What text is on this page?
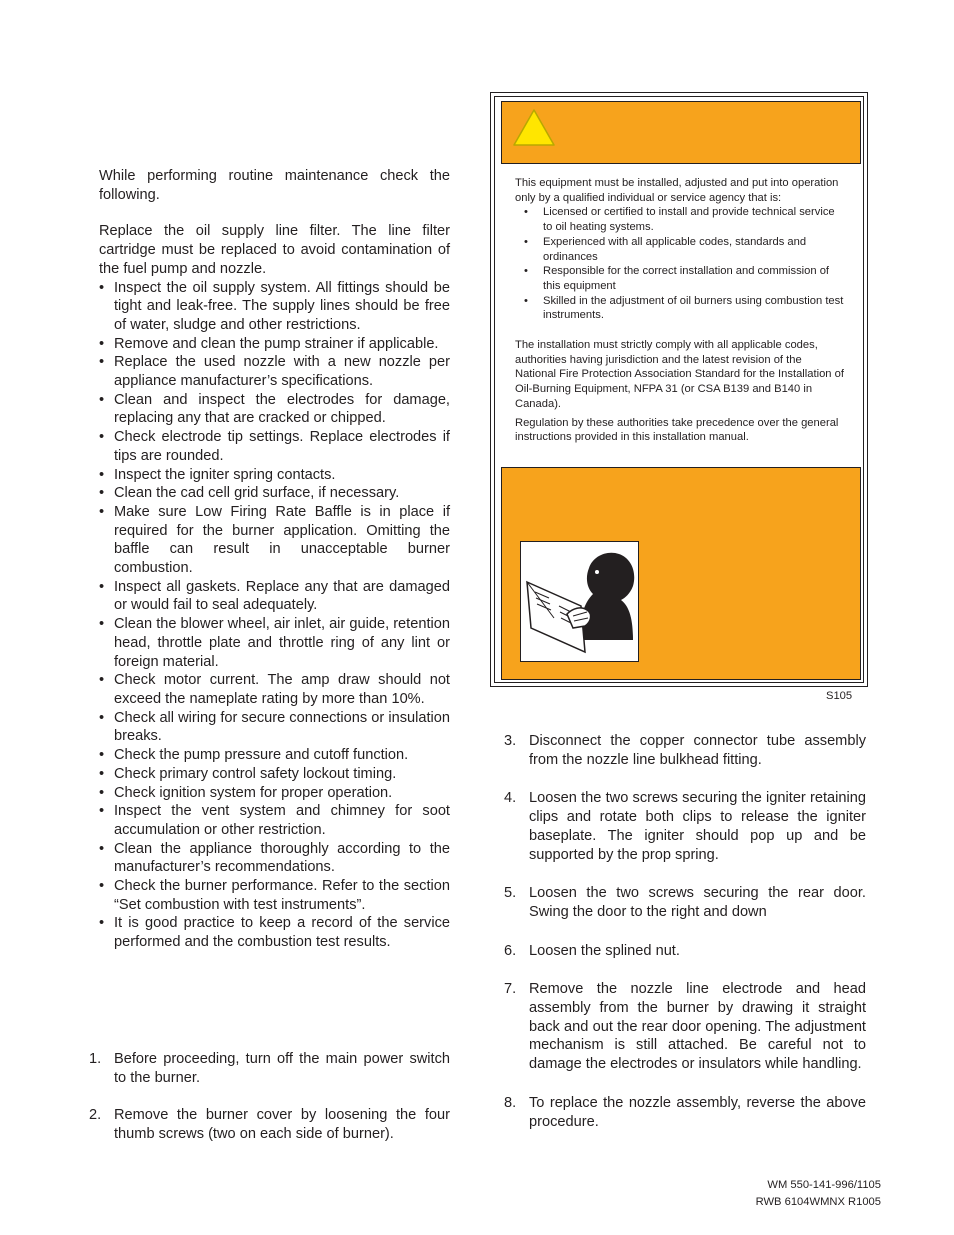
While performing routine maintenance check the following.

Replace the oil supply line filter. The line filter cartridge must be replaced to avoid contamination of the fuel pump and nozzle.

• Inspect the oil supply system. All fittings should be tight and leak-free. The supply lines should be free of water, sludge and other restrictions.
• Remove and clean the pump strainer if applicable.
• Replace the used nozzle with a new nozzle per appliance manufacturer’s specifications.
• Clean and inspect the electrodes for damage, replacing any that are cracked or chipped.
• Check electrode tip settings. Replace electrodes if tips are rounded.
• Inspect the igniter spring contacts.
• Clean the cad cell grid surface, if necessary.
• Make sure Low Firing Rate Baffle is in place if required for the burner application. Omitting the baffle can result in unacceptable burner combustion.
• Inspect all gaskets. Replace any that are damaged or would fail to seal adequately.
• Clean the blower wheel, air inlet, air guide, retention head, throttle plate and throttle ring of any lint or foreign material.
• Check motor current. The amp draw should not exceed the nameplate rating by more than 10%.
• Check all wiring for secure connections or insulation breaks.
• Check the pump pressure and cutoff function.
• Check primary control safety lockout timing.
• Check ignition system for proper operation.
• Inspect the vent system and chimney for soot accumulation or other restriction.
• Clean the appliance thoroughly according to the manufacturer’s recommendations.
• Check the burner performance. Refer to the section “Set combustion with test instruments”.
• It is good practice to keep a record of the service performed and the combustion test results.
1. Before proceeding, turn off the main power switch to the burner.
2. Remove the burner cover by loosening the four thumb screws (two on each side of burner).

This equipment must be installed, adjusted and put into operation only by a qualified individual or service agency that is:

• Licensed or certified to install and provide technical service to oil heating systems.
• Experienced with all applicable codes, standards and ordinances
• Responsible for the correct installation and commission of this equipment
• Skilled in the adjustment of oil burners using combustion test instruments.

The installation must strictly comply with all applicable codes, authorities having jurisdiction and the latest revision of the National Fire Protection Association Standard for the Installation of Oil-Burning Equipment, NFPA 31 (or CSA B139 and B140 in Canada).

Regulation by these authorities take precedence over the general instructions provided in this installation manual.

S105
3. Disconnect the copper connector tube assembly from the nozzle line bulkhead fitting.
4. Loosen the two screws securing the igniter retaining clips and rotate both clips to release the igniter baseplate. The igniter should pop up and be supported by the prop spring.
5. Loosen the two screws securing the rear door. Swing the door to the right and down
6. Loosen the splined nut.
7. Remove the nozzle line electrode and head assembly from the burner by drawing it straight back and out the rear door opening. The adjustment mechanism is still attached. Be careful not to damage the electrodes or insulators while handling.
8. To replace the nozzle assembly, reverse the above procedure.
WM 550-141-996/1105
RWB 6104WMNX R1005
